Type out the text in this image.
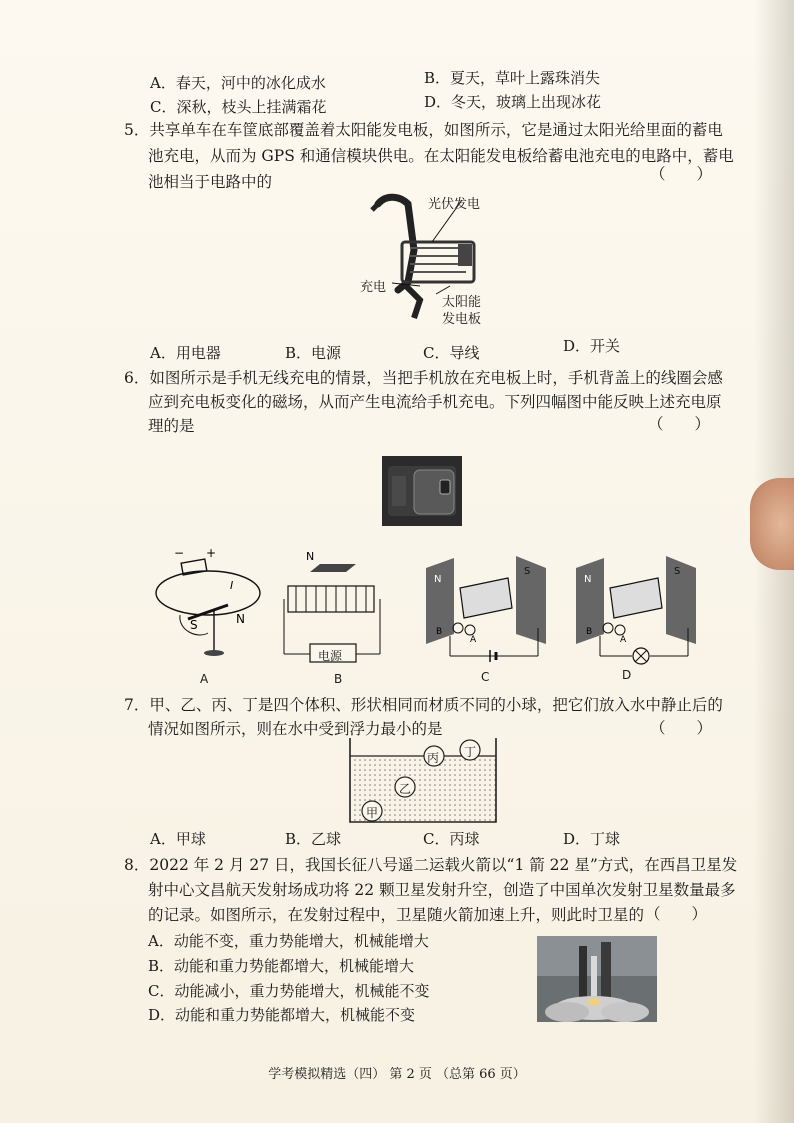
A．春天，河中的冰化成水	B．夏天，草叶上露珠消失
C．深秋，枝头上挂满霜花	D．冬天，玻璃上出现冰花
5．共享单车在车筐底部覆盖着太阳能发电板，如图所示，它是通过太阳光给里面的蓄电
池充电，从而为 GPS 和通信模块供电。在太阳能发电板给蓄电池充电的电路中，蓄电
（　　）
池相当于电路中的
光伏发电
充电
太阳能
发电板
A．用电器	B．电源	C．导线	D．开关
6．如图所示是手机无线充电的情景，当把手机放在充电板上时，手机背盖上的线圈会感
应到充电板变化的磁场，从而产生电流给手机充电。下列四幅图中能反映上述充电原
（　　）
理的是
− +
I
S	N
N
电源
N
S
B
A
N
S
B
A
A	B	C	D
7．甲、乙、丙、丁是四个体积、形状相同而材质不同的小球，把它们放入水中静止后的
情况如图所示，则在水中受到浮力最小的是	（　　）
丙 丁
乙
甲
A．甲球	B．乙球	C．丙球	D．丁球
8．2022 年 2 月 27 日，我国长征八号遥二运载火箭以“1 箭 22 星”方式，在西昌卫星发
射中心文昌航天发射场成功将 22 颗卫星发射升空，创造了中国单次发射卫星数量最多
的记录。如图所示，在发射过程中，卫星随火箭加速上升，则此时卫星的 （　　）
A．动能不变，重力势能增大，机械能增大
B．动能和重力势能都增大，机械能增大
C．动能减小，重力势能增大，机械能不变
D．动能和重力势能都增大，机械能不变
学考模拟精选（四） 第 2 页 （总第 66 页）
